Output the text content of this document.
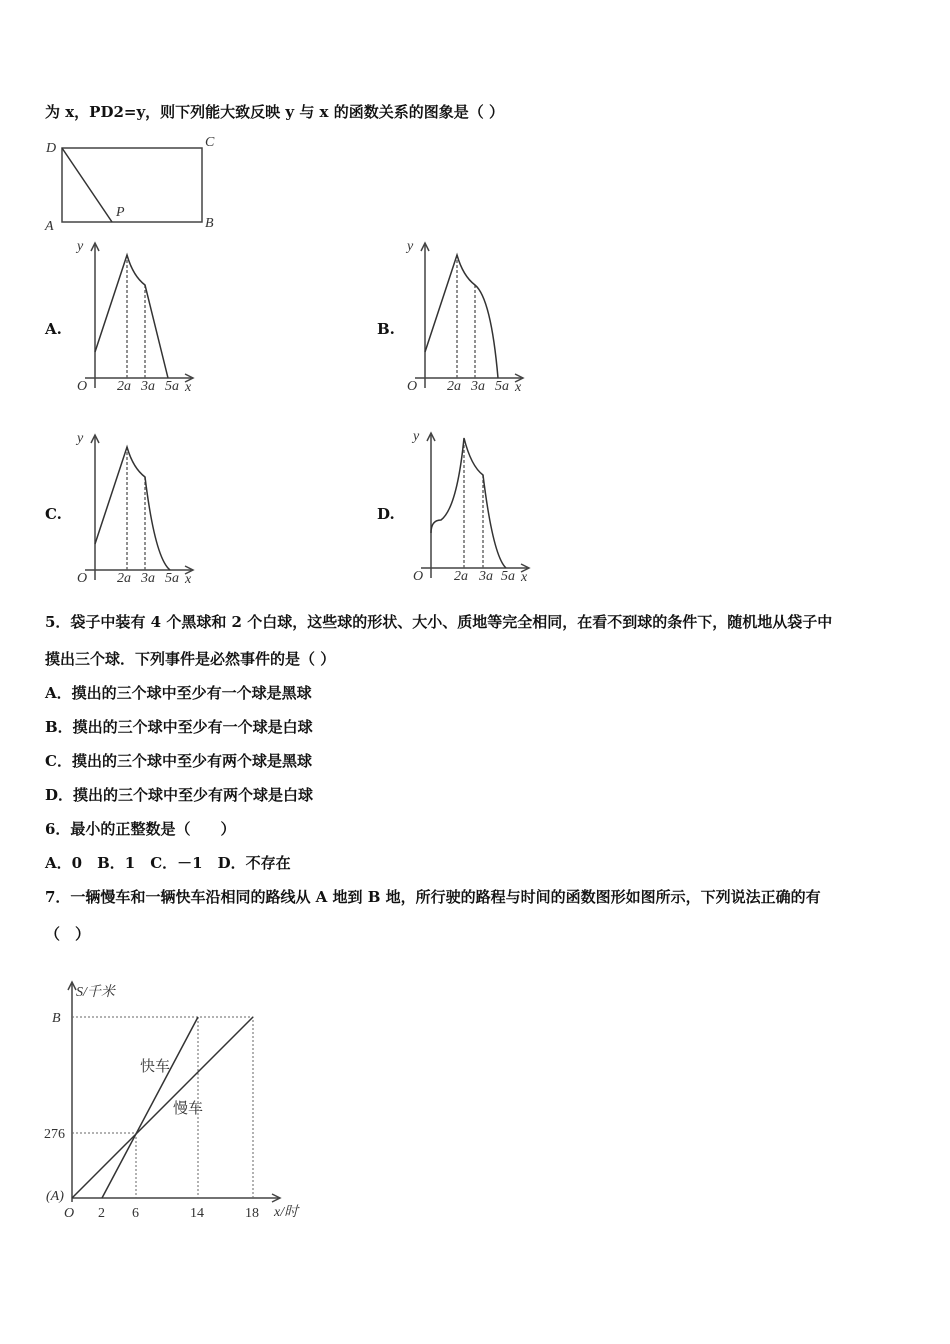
为 x，PD2=y，则下列能大致反映 y 与 x 的函数关系的图象是（ ）
D	C
A	B
P
A.	B.
C.	D.
y
O 2a 3a 5a x
y
O 2a 3a 5a x
y
O 2a 3a 5a x
y
O 2a 3a 5a x
5．袋子中装有 4 个黑球和 2 个白球，这些球的形状、大小、质地等完全相同，在看不到球的条件下，随机地从袋子中
摸出三个球．下列事件是必然事件的是（ ）
A．摸出的三个球中至少有一个球是黑球
B．摸出的三个球中至少有一个球是白球
C．摸出的三个球中至少有两个球是黑球
D．摸出的三个球中至少有两个球是白球
6．最小的正整数是（　　）
A．0　B．1　C．－1　D．不存在
7．一辆慢车和一辆快车沿相同的路线从 A 地到 B 地，所行驶的路程与时间的函数图形如图所示，下列说法正确的有
（　）
S/千米
x/时
B
276
(A)
O 2 6	14	18
快车
慢车
